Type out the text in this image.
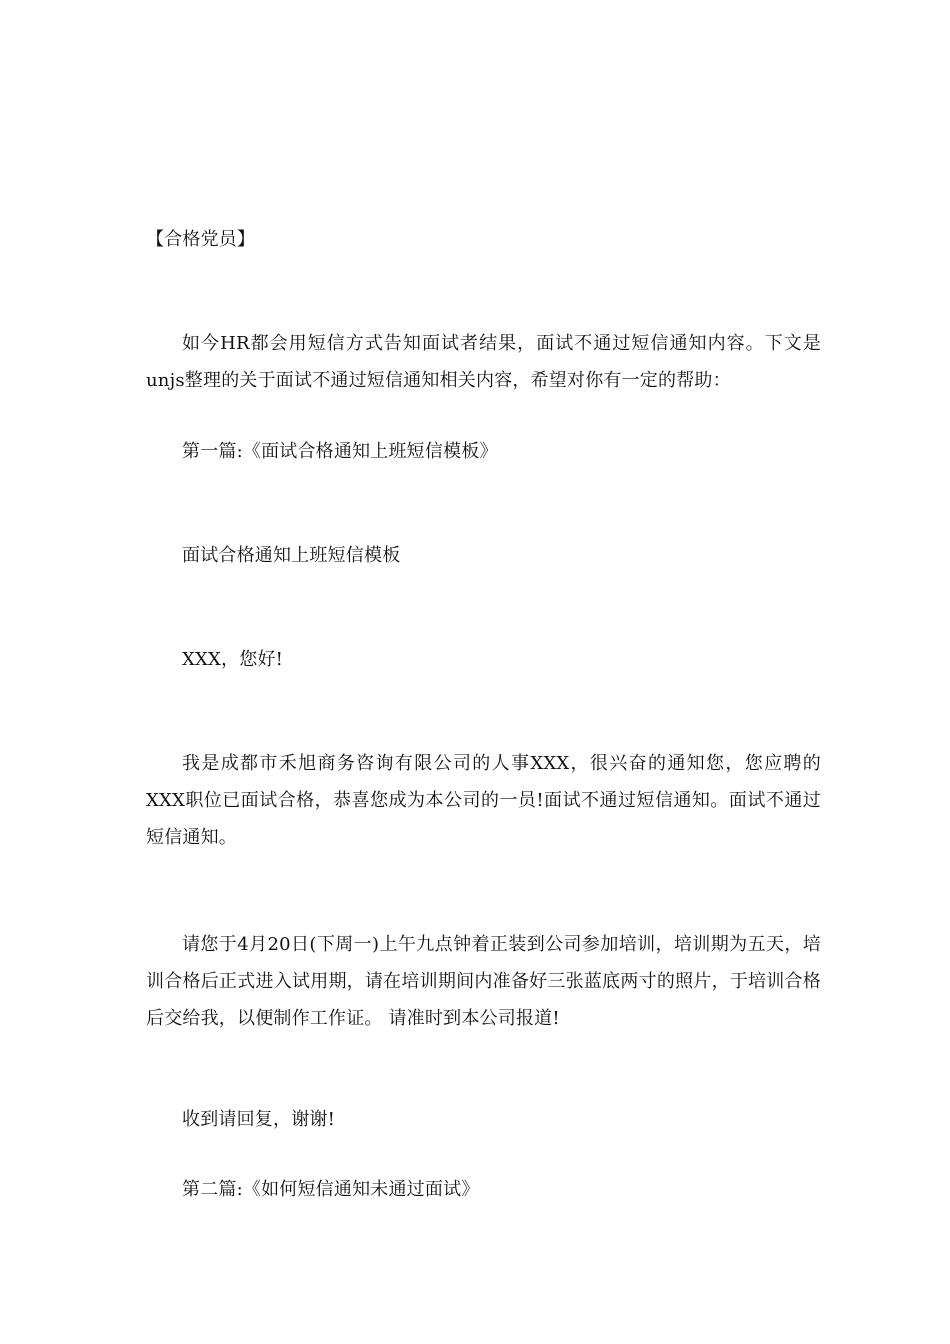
【合格党员】
如今HR都会用短信方式告知面试者结果，面试不通过短信通知内容。下文是unjs整理的关于面试不通过短信通知相关内容，希望对你有一定的帮助：
第一篇:《面试合格通知上班短信模板》
面试合格通知上班短信模板
XXX，您好!
我是成都市禾旭商务咨询有限公司的人事XXX，很兴奋的通知您，您应聘的XXX职位已面试合格，恭喜您成为本公司的一员!面试不通过短信通知。面试不通过短信通知。
请您于4月20日(下周一)上午九点钟着正装到公司参加培训，培训期为五天，培训合格后正式进入试用期，请在培训期间内准备好三张蓝底两寸的照片，于培训合格后交给我，以便制作工作证。 请准时到本公司报道!
收到请回复，谢谢!
第二篇:《如何短信通知未通过面试》
